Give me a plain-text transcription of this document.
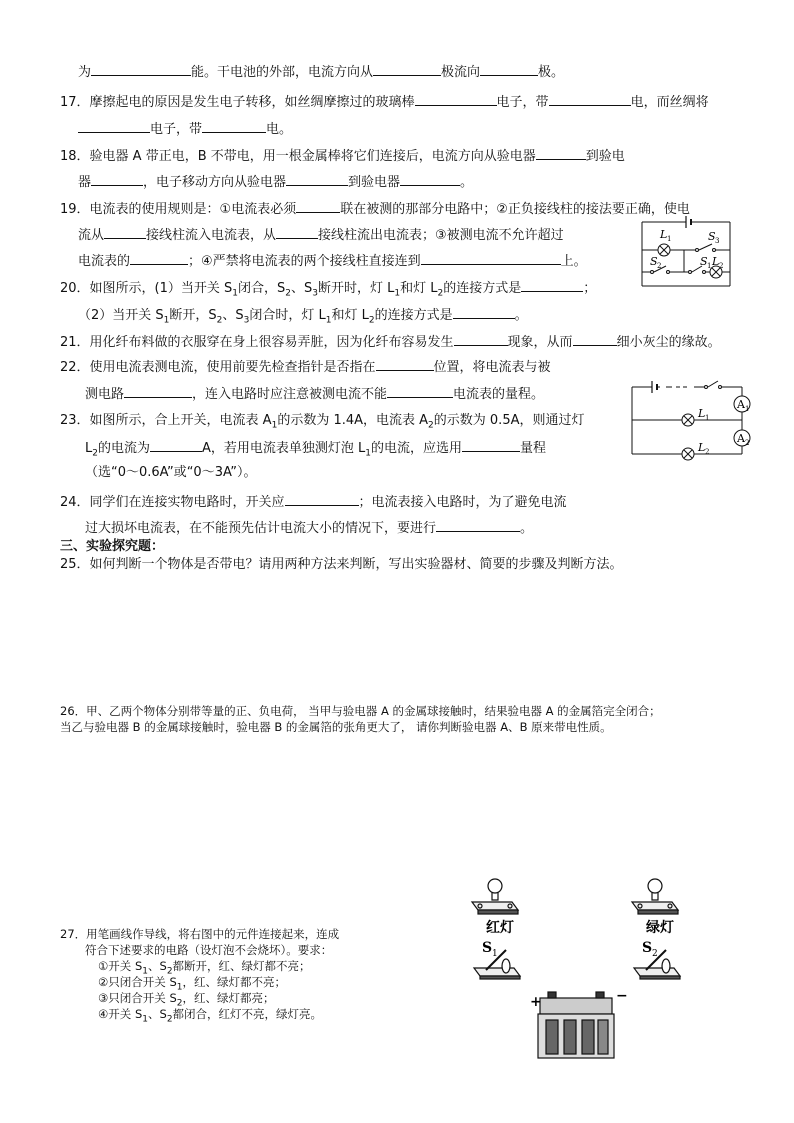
为	能。干电池的外部，电流方向从	极流向	极。
17．摩擦起电的原因是发生电子转移，如丝绸摩擦过的玻璃棒	电子，带	电，而丝绸将
电子，带	电。
18．验电器 A 带正电，B 不带电，用一根金属棒将它们连接后，电流方向从验电器	到验电
器	，电子移动方向从验电器	到验电器	。
19．电流表的使用规则是：①电流表必须	联在被测的那部分电路中；②正负接线柱的接法要正确，使电
流从	接线柱流入电流表，从	接线柱流出电流表；③被测电流不允许超过
电流表的	；④严禁将电流表的两个接线柱直接连到	上。
L 1	S 3
S 2	S 1 L 2
20．如图所示，(1）当开关 $S_1$闭合，$S_2$、$S_3$断开时，灯 $L_1$和灯 $L_2$的连接方式是	；
（2）当开关 $S_1$断开，$S_2$、$S_3$闭合时，灯 $L_1$和灯 $L_2$的连接方式是	。
21．用化纤布料做的衣服穿在身上很容易弄脏，因为化纤布容易发生	现象，从而	细小灰尘的缘故。
22．使用电流表测电流，使用前要先检查指针是否指在	位置，将电流表与被
测电路	，连入电路时应注意被测电流不能	电流表的量程。
A 1
A 2
L 1
L 2
23．如图所示，合上开关，电流表 $A_1$的示数为 1.4A，电流表 $A_2$的示数为 0.5A，则通过灯
$L_2$的电流为	A，若用电流表单独测灯泡 $L_1$的电流，应选用	量程
（选“0～0.6A”或“0～3A”）。
24．同学们在连接实物电路时，开关应	；电流表接入电路时，为了避免电流
过大损坏电流表，在不能预先估计电流大小的情况下，要进行	。
三、实验探究题：
25．如何判断一个物体是否带电？请用两种方法来判断，写出实验器材、简要的步骤及判断方法。
26．甲、乙两个物体分别带等量的正、负电荷， 当甲与验电器 A 的金属球接触时，结果验电器 A 的金属箔完全闭合；
当乙与验电器 B 的金属球接触时，验电器 B 的金属箔的张角更大了， 请你判断验电器 A、B 原来带电性质。
27．用笔画线作导线，将右图中的元件连接起来，连成
符合下述要求的电路（设灯泡不会烧坏）。要求：
①开关 $S_1$、$S_2$都断开，红、绿灯都不亮；
②只闭合开关 $S_1$，红、绿灯都不亮；
③只闭合开关 $S_2$，红、绿灯都亮；
④开关 $S_1$、$S_2$都闭合，红灯不亮，绿灯亮。
红灯	绿灯
S 1	S 2
+	−
